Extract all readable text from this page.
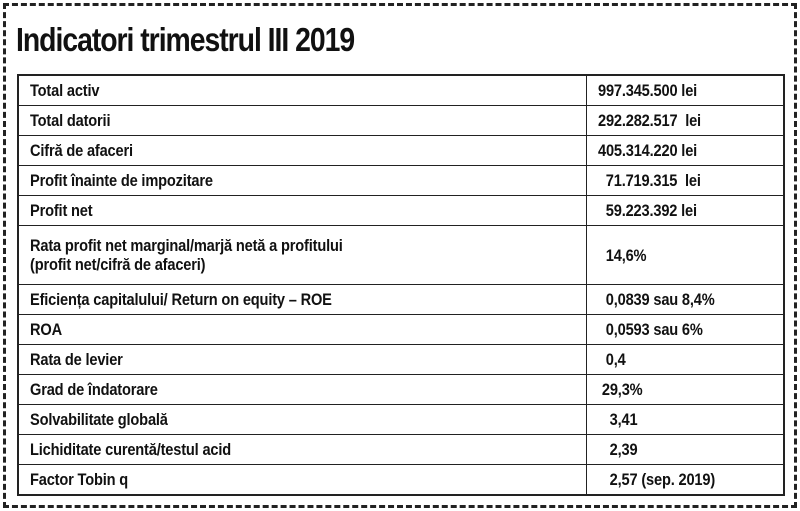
Indicatori trimestrul III 2019
Total activ	997.345.500 lei
Total datorii	292.282.517  lei
Cifră de afaceri	405.314.220 lei
Profit înainte de impozitare	71.719.315  lei
Profit net	59.223.392 lei
Rata profit net marginal/marjă netă a profitului
(profit net/cifră de afaceri)	14,6%
Eficiența capitalului/ Return on equity – ROE	0,0839 sau 8,4%
ROA	0,0593 sau 6%
Rata de levier	0,4
Grad de îndatorare	29,3%
Solvabilitate globală	3,41
Lichiditate curentă/testul acid	2,39
Factor Tobin q	2,57 (sep. 2019)
